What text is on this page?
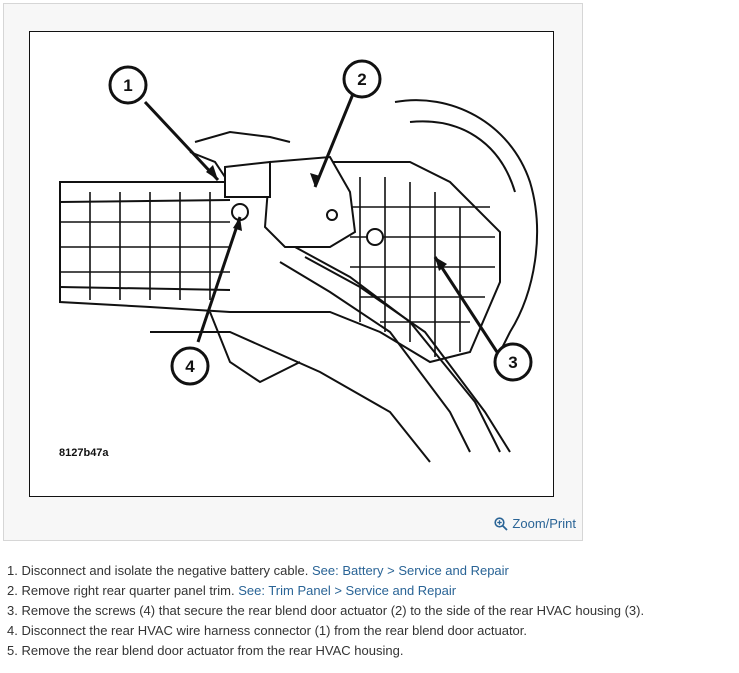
1	2
3
4
8127b47a
Zoom/Print
1. Disconnect and isolate the negative battery cable. See: Battery > Service and Repair
2. Remove right rear quarter panel trim. See: Trim Panel > Service and Repair
3. Remove the screws (4) that secure the rear blend door actuator (2) to the side of the rear HVAC housing (3).
4. Disconnect the rear HVAC wire harness connector (1) from the rear blend door actuator.
5. Remove the rear blend door actuator from the rear HVAC housing.
